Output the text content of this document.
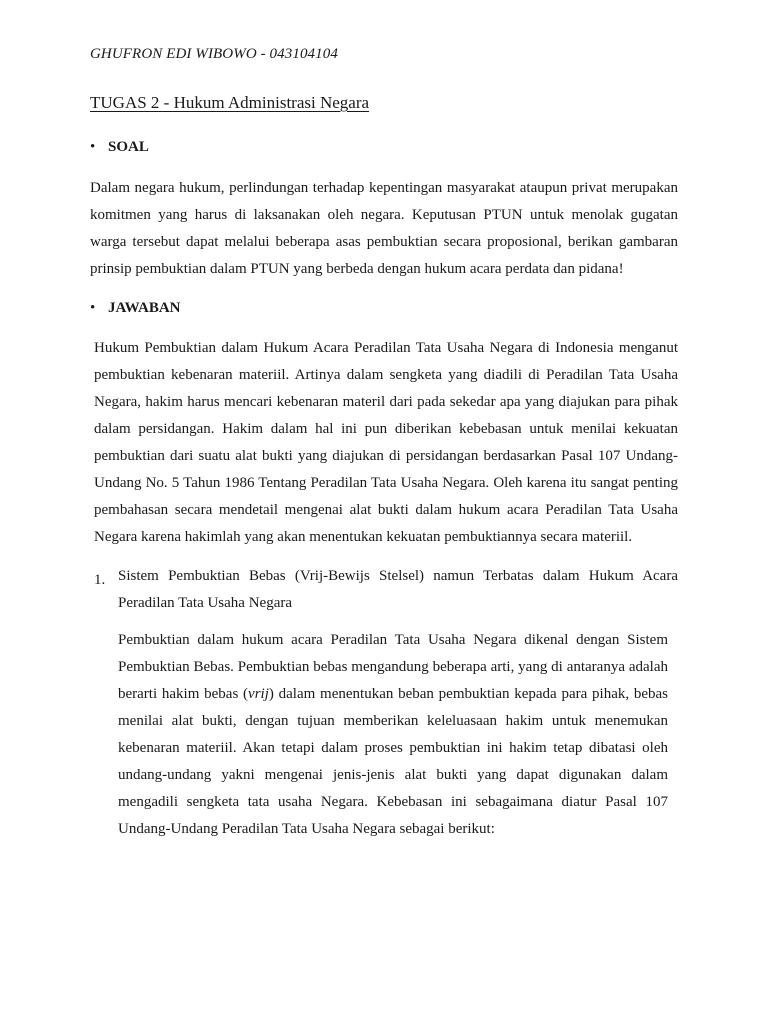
GHUFRON EDI WIBOWO - 043104104
TUGAS 2 - Hukum Administrasi Negara
• SOAL

Dalam negara hukum, perlindungan terhadap kepentingan masyarakat ataupun privat merupakan komitmen yang harus di laksanakan oleh negara. Keputusan PTUN untuk menolak gugatan warga tersebut dapat melalui beberapa asas pembuktian secara proposional, berikan gambaran prinsip pembuktian dalam PTUN yang berbeda dengan hukum acara perdata dan pidana!

• JAWABAN

Hukum Pembuktian dalam Hukum Acara Peradilan Tata Usaha Negara di Indonesia menganut pembuktian kebenaran materiil. Artinya dalam sengketa yang diadili di Peradilan Tata Usaha Negara, hakim harus mencari kebenaran materil dari pada sekedar apa yang diajukan para pihak dalam persidangan. Hakim dalam hal ini pun diberikan kebebasan untuk menilai kekuatan pembuktian dari suatu alat bukti yang diajukan di persidangan berdasarkan Pasal 107 Undang-Undang No. 5 Tahun 1986 Tentang Peradilan Tata Usaha Negara. Oleh karena itu sangat penting pembahasan secara mendetail mengenai alat bukti dalam hukum acara Peradilan Tata Usaha Negara karena hakimlah yang akan menentukan kekuatan pembuktiannya secara materiil.

1. Sistem Pembuktian Bebas (Vrij-Bewijs Stelsel) namun Terbatas dalam Hukum Acara Peradilan Tata Usaha Negara

Pembuktian dalam hukum acara Peradilan Tata Usaha Negara dikenal dengan Sistem Pembuktian Bebas. Pembuktian bebas mengandung beberapa arti, yang di antaranya adalah berarti hakim bebas (vrij) dalam menentukan beban pembuktian kepada para pihak, bebas menilai alat bukti, dengan tujuan memberikan keleluasaan hakim untuk menemukan kebenaran materiil. Akan tetapi dalam proses pembuktian ini hakim tetap dibatasi oleh undang-undang yakni mengenai jenis-jenis alat bukti yang dapat digunakan dalam mengadili sengketa tata usaha Negara. Kebebasan ini sebagaimana diatur Pasal 107 Undang-Undang Peradilan Tata Usaha Negara sebagai berikut:
